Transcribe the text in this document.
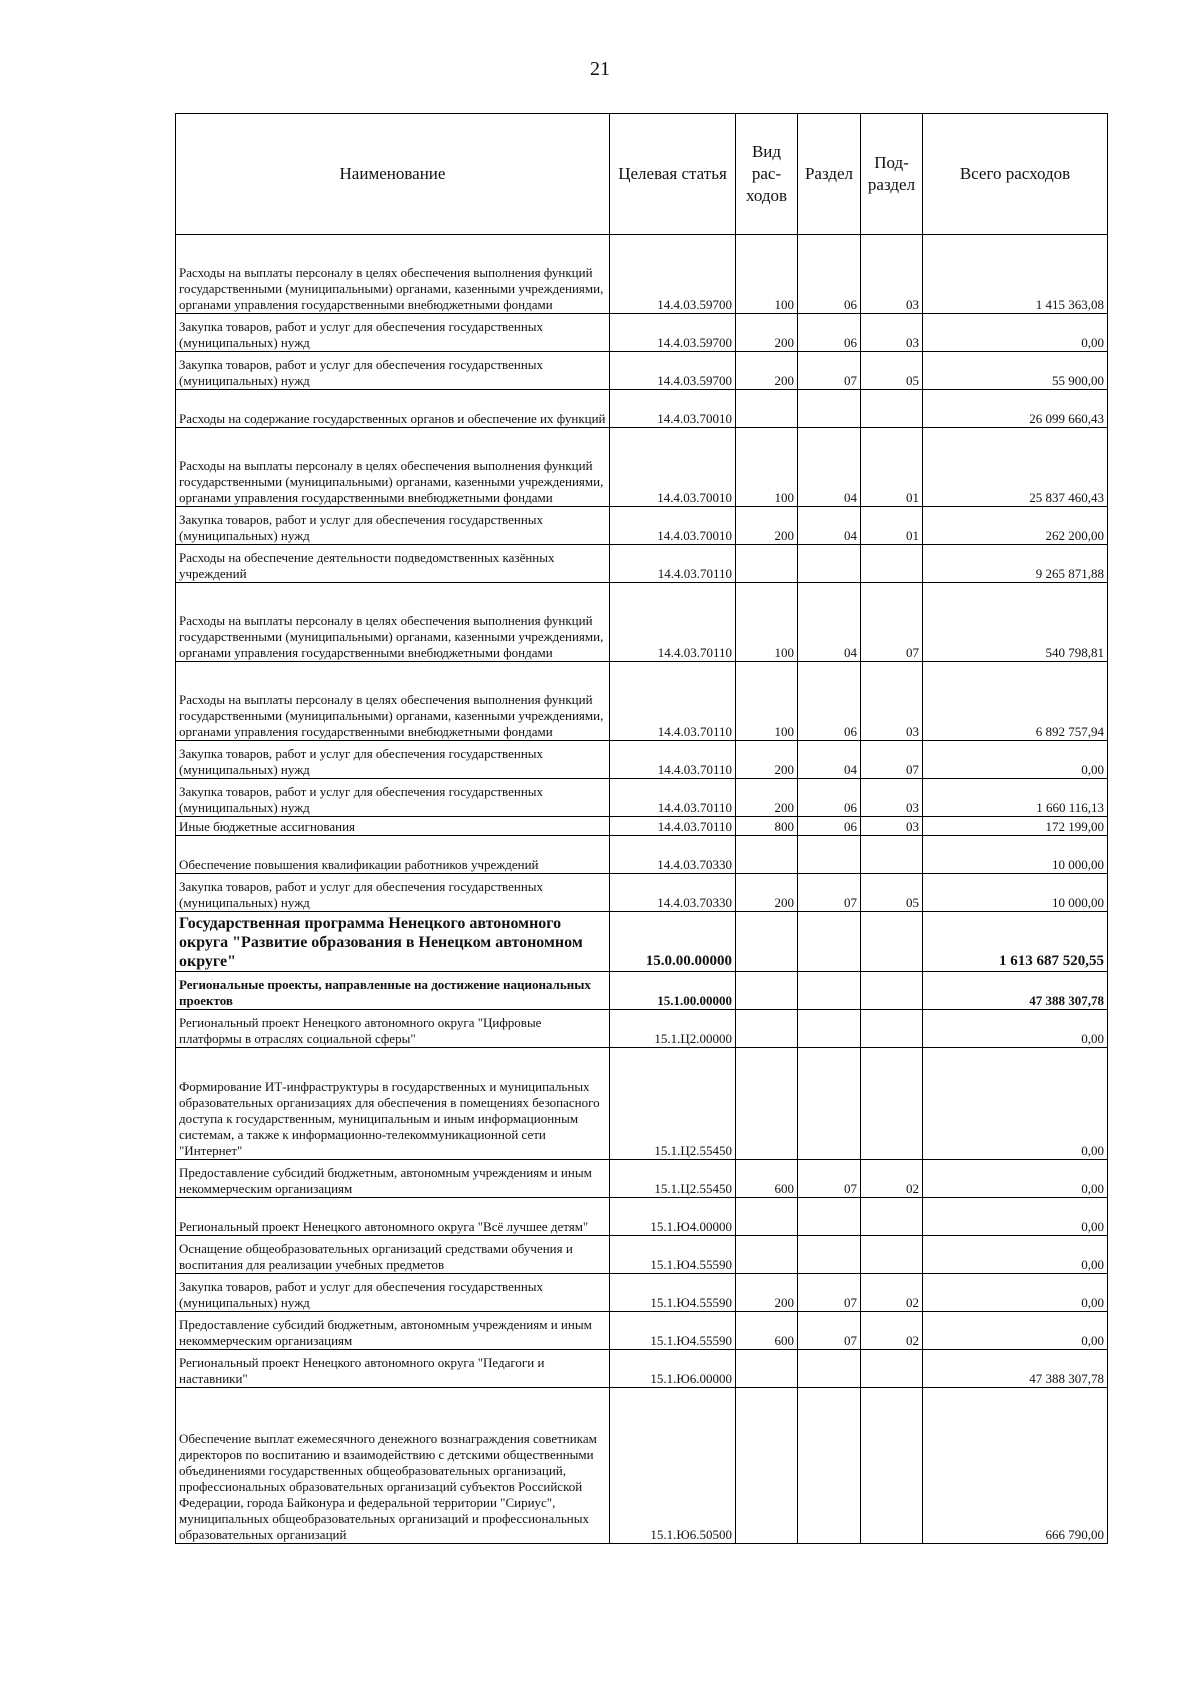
21
Наименование	Целевая статья	Вид рас- ходов	Раздел	Под- раздел	Всего расходов
Расходы на выплаты персоналу в целях обеспечения выполнения функций государственными (муниципальными) органами, казенными учреждениями, органами управления государственными внебюджетными фондами	14.4.03.59700	100	06	03	1 415 363,08
Закупка товаров, работ и услуг для обеспечения государственных (муниципальных) нужд	14.4.03.59700	200	06	03	0,00
Закупка товаров, работ и услуг для обеспечения государственных (муниципальных) нужд	14.4.03.59700	200	07	05	55 900,00
Расходы на содержание государственных органов и обеспечение их функций	14.4.03.70010				26 099 660,43
Расходы на выплаты персоналу в целях обеспечения выполнения функций государственными (муниципальными) органами, казенными учреждениями, органами управления государственными внебюджетными фондами	14.4.03.70010	100	04	01	25 837 460,43
Закупка товаров, работ и услуг для обеспечения государственных (муниципальных) нужд	14.4.03.70010	200	04	01	262 200,00
Расходы на обеспечение деятельности подведомственных казённых учреждений	14.4.03.70110				9 265 871,88
Расходы на выплаты персоналу в целях обеспечения выполнения функций государственными (муниципальными) органами, казенными учреждениями, органами управления государственными внебюджетными фондами	14.4.03.70110	100	04	07	540 798,81
Расходы на выплаты персоналу в целях обеспечения выполнения функций государственными (муниципальными) органами, казенными учреждениями, органами управления государственными внебюджетными фондами	14.4.03.70110	100	06	03	6 892 757,94
Закупка товаров, работ и услуг для обеспечения государственных (муниципальных) нужд	14.4.03.70110	200	04	07	0,00
Закупка товаров, работ и услуг для обеспечения государственных (муниципальных) нужд	14.4.03.70110	200	06	03	1 660 116,13
Иные бюджетные ассигнования	14.4.03.70110	800	06	03	172 199,00
Обеспечение повышения квалификации работников учреждений	14.4.03.70330				10 000,00
Закупка товаров, работ и услуг для обеспечения государственных (муниципальных) нужд	14.4.03.70330	200	07	05	10 000,00
Государственная программа Ненецкого автономного округа "Развитие образования в Ненецком автономном округе"	15.0.00.00000				1 613 687 520,55
Региональные проекты, направленные на достижение национальных проектов	15.1.00.00000				47 388 307,78
Региональный проект Ненецкого автономного округа "Цифровые платформы в отраслях социальной сферы"	15.1.Ц2.00000				0,00
Формирование ИТ-инфраструктуры в государственных и муниципальных образовательных организациях для обеспечения в помещениях безопасного доступа к государственным, муниципальным и иным информационным системам, а также к информационно-телекоммуникационной сети "Интернет"	15.1.Ц2.55450				0,00
Предоставление субсидий бюджетным, автономным учреждениям и иным некоммерческим организациям	15.1.Ц2.55450	600	07	02	0,00
Региональный проект Ненецкого автономного округа "Всё лучшее детям"	15.1.Ю4.00000				0,00
Оснащение общеобразовательных организаций средствами обучения и воспитания для реализации учебных предметов	15.1.Ю4.55590				0,00
Закупка товаров, работ и услуг для обеспечения государственных (муниципальных) нужд	15.1.Ю4.55590	200	07	02	0,00
Предоставление субсидий бюджетным, автономным учреждениям и иным некоммерческим организациям	15.1.Ю4.55590	600	07	02	0,00
Региональный проект Ненецкого автономного округа "Педагоги и наставники"	15.1.Ю6.00000				47 388 307,78
Обеспечение выплат ежемесячного денежного вознаграждения советникам директоров по воспитанию и взаимодействию с детскими общественными объединениями государственных общеобразовательных организаций, профессиональных образовательных организаций субъектов Российской Федерации, города Байконура и федеральной территории "Сириус", муниципальных общеобразовательных организаций и профессиональных образовательных организаций	15.1.Ю6.50500				666 790,00
